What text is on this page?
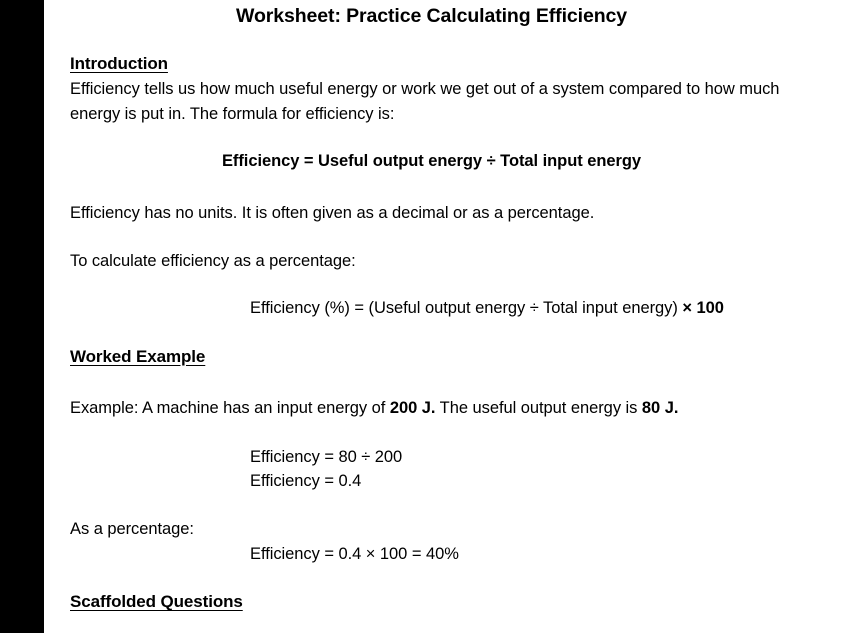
Worksheet: Practice Calculating Efficiency
Introduction
Efficiency tells us how much useful energy or work we get out of a system compared to how much energy is put in. The formula for efficiency is:
Efficiency = Useful output energy ÷ Total input energy
Efficiency has no units. It is often given as a decimal or as a percentage.
To calculate efficiency as a percentage:
Efficiency (%) = (Useful output energy ÷ Total input energy) × 100
Worked Example
Example: A machine has an input energy of 200 J. The useful output energy is 80 J.
Efficiency = 80 ÷ 200
Efficiency = 0.4
As a percentage:
Efficiency = 0.4 × 100 = 40%
Scaffolded Questions
